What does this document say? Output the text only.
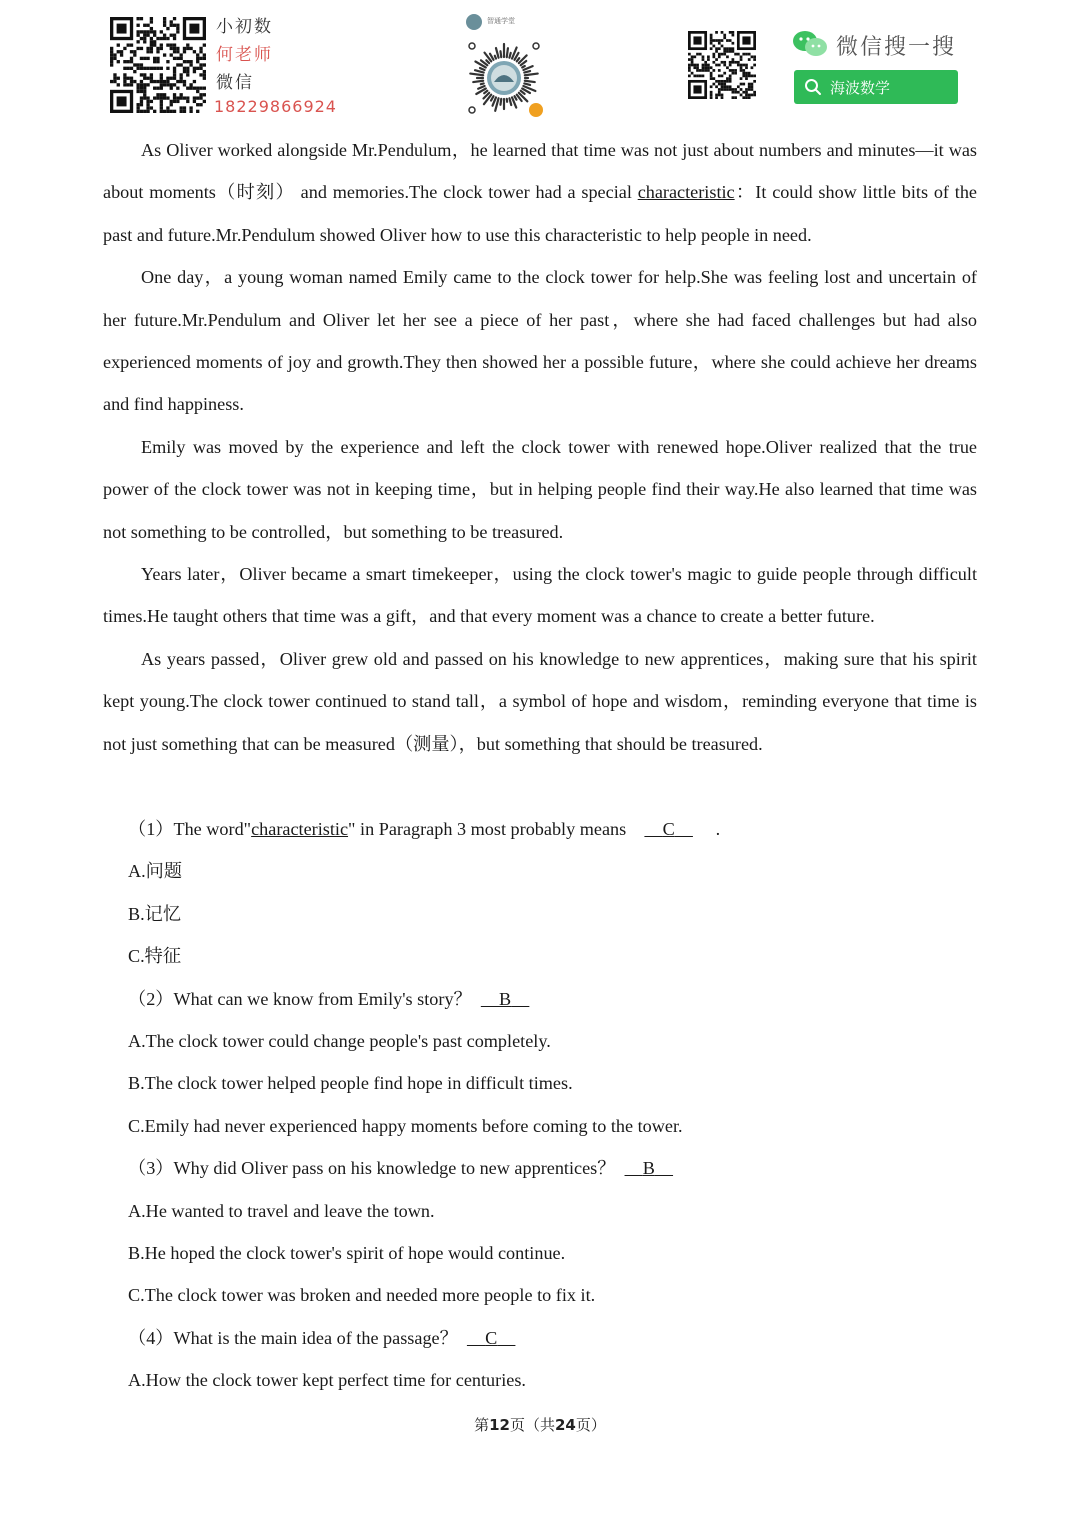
小初数
何老师
微信
18229866924
智通学堂
微信搜一搜
海波数学

As Oliver worked alongside Mr.Pendulum，he learned that time was not just about numbers and minutes—it was about moments（时刻） and memories.The clock tower had a special characteristic：It could show little bits of the past and future.Mr.Pendulum showed Oliver how to use this characteristic to help people in need.

One day，a young woman named Emily came to the clock tower for help.She was feeling lost and uncertain of her future.Mr.Pendulum and Oliver let her see a piece of her past，where she had faced challenges but had also experienced moments of joy and growth.They then showed her a possible future，where she could achieve her dreams and find happiness.

Emily was moved by the experience and left the clock tower with renewed hope.Oliver realized that the true power of the clock tower was not in keeping time，but in helping people find their way.He also learned that time was not something to be controlled，but something to be treasured.

Years later，Oliver became a smart timekeeper，using the clock tower's magic to guide people through difficult times.He taught others that time was a gift，and that every moment was a chance to create a better future.

As years passed，Oliver grew old and passed on his knowledge to new apprentices，making sure that his spirit kept young.The clock tower continued to stand tall，a symbol of hope and wisdom，reminding everyone that time is not just something that can be measured（测量），but something that should be treasured.

（1）The word"characteristic" in Paragraph 3 most probably means C .
A.问题
B.记忆
C.特征
（2）What can we know from Emily's story？ B
A.The clock tower could change people's past completely.
B.The clock tower helped people find hope in difficult times.
C.Emily had never experienced happy moments before coming to the tower.
（3）Why did Oliver pass on his knowledge to new apprentices？ B
A.He wanted to travel and leave the town.
B.He hoped the clock tower's spirit of hope would continue.
C.The clock tower was broken and needed more people to fix it.
（4）What is the main idea of the passage？ C
A.How the clock tower kept perfect time for centuries.
第12页（共24页）
